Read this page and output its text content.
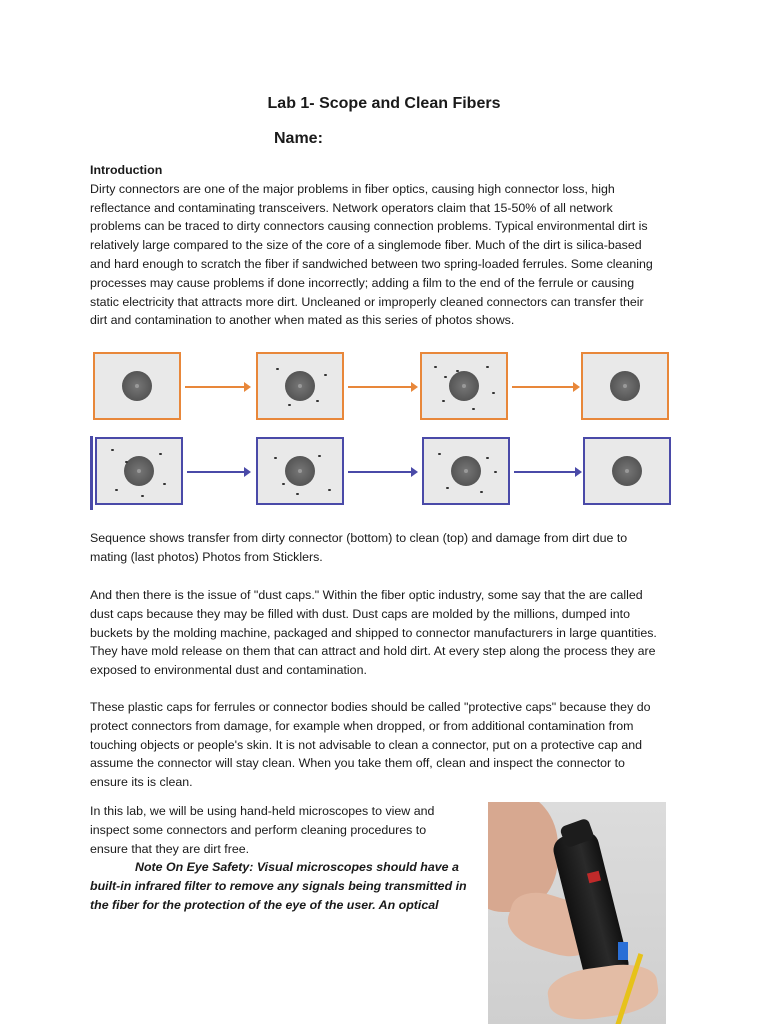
Lab 1- Scope and Clean Fibers
Name:
Introduction
Dirty connectors are one of the major problems in fiber optics, causing high connector loss, high
reflectance and contaminating transceivers. Network operators claim that 15-50% of all network
problems can be traced to dirty connectors causing connection problems. Typical environmental dirt is
relatively large compared to the size of the core of a singlemode fiber. Much of the dirt is silica-based
and hard enough to scratch the fiber if sandwiched between two spring-loaded ferrules. Some cleaning
processes may cause problems if done incorrectly; adding a film to the end of the ferrule or causing
static electricity that attracts more dirt. Uncleaned or improperly cleaned connectors can transfer their
dirt and contamination to another when mated as this series of photos shows.
Sequence shows transfer from dirty connector (bottom) to clean (top) and damage from dirt due to
mating (last photos) Photos from Sticklers.
And then there is the issue of "dust caps." Within the fiber optic industry, some say that the are called
dust caps because they may be filled with dust. Dust caps are molded by the millions, dumped into
buckets by the molding machine, packaged and shipped to connector manufacturers in large quantities.
They have mold release on them that can attract and hold dirt. At every step along the process they are
exposed to environmental dust and contamination.
These plastic caps for ferrules or connector bodies should be called "protective caps" because they do
protect connectors from damage, for example when dropped, or from additional contamination from
touching objects or people's skin. It is not advisable to clean a connector, put on a protective cap and
assume the connector will stay clean. When you take them off, clean and inspect the connector to
ensure its is clean.
In this lab, we will be using hand-held microscopes to view and
inspect some connectors and perform cleaning procedures to
ensure that they are dirt free.
Note On Eye Safety: Visual microscopes should have a
built-in infrared filter to remove any signals being transmitted in
the fiber for the protection of the eye of the user. An optical
